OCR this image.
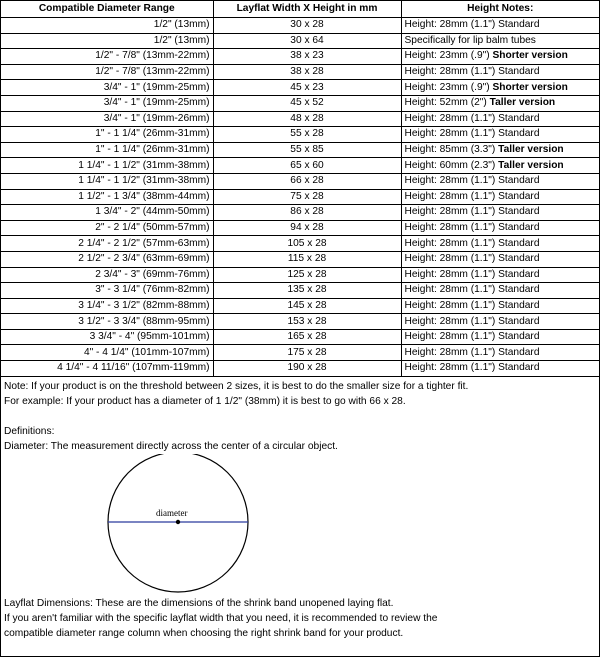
Compatible Diameter Range	Layflat Width X Height in mm	Height Notes:
1/2" (13mm)	30 x 28	Height: 28mm (1.1") Standard
1/2" (13mm)	30 x 64	Specifically for lip balm tubes
1/2" - 7/8" (13mm-22mm)	38 x 23	Height: 23mm (.9") Shorter version
1/2" - 7/8" (13mm-22mm)	38 x 28	Height: 28mm (1.1") Standard
3/4" - 1" (19mm-25mm)	45 x 23	Height: 23mm (.9") Shorter version
3/4" - 1" (19mm-25mm)	45 x 52	Height: 52mm (2") Taller version
3/4" - 1" (19mm-26mm)	48 x 28	Height: 28mm (1.1") Standard
1" - 1 1/4" (26mm-31mm)	55 x 28	Height: 28mm (1.1") Standard
1" - 1 1/4" (26mm-31mm)	55 x 85	Height: 85mm (3.3") Taller version
1 1/4" - 1 1/2" (31mm-38mm)	65 x 60	Height: 60mm (2.3") Taller version
1 1/4" - 1 1/2" (31mm-38mm)	66 x 28	Height: 28mm (1.1") Standard
1 1/2" - 1 3/4" (38mm-44mm)	75 x 28	Height: 28mm (1.1") Standard
1 3/4" - 2" (44mm-50mm)	86 x 28	Height: 28mm (1.1") Standard
2" - 2 1/4" (50mm-57mm)	94 x 28	Height: 28mm (1.1") Standard
2 1/4" - 2 1/2" (57mm-63mm)	105 x 28	Height: 28mm (1.1") Standard
2 1/2" - 2 3/4" (63mm-69mm)	115 x 28	Height: 28mm (1.1") Standard
2 3/4" - 3" (69mm-76mm)	125 x 28	Height: 28mm (1.1") Standard
3" - 3 1/4" (76mm-82mm)	135 x 28	Height: 28mm (1.1") Standard
3 1/4" - 3 1/2" (82mm-88mm)	145 x 28	Height: 28mm (1.1") Standard
3 1/2" - 3 3/4" (88mm-95mm)	153 x 28	Height: 28mm (1.1") Standard
3 3/4" - 4" (95mm-101mm)	165 x 28	Height: 28mm (1.1") Standard
4" - 4 1/4" (101mm-107mm)	175 x 28	Height: 28mm (1.1") Standard
4 1/4" - 4 11/16" (107mm-119mm)	190 x 28	Height: 28mm (1.1") Standard

Note: If your product is on the threshold between 2 sizes, it is best to do the smaller size for a tighter fit.

For example: If your product has a diameter of 1 1/2" (38mm) it is best to go with 66 x 28.

Definitions:

Diameter: The measurement directly across the center of a circular object.

diameter

Layflat Dimensions: These are the dimensions of the shrink band unopened laying flat.

If you aren't familiar with the specific layflat width that you need, it is recommended to review the

compatible diameter range column when choosing the right shrink band for your product.
